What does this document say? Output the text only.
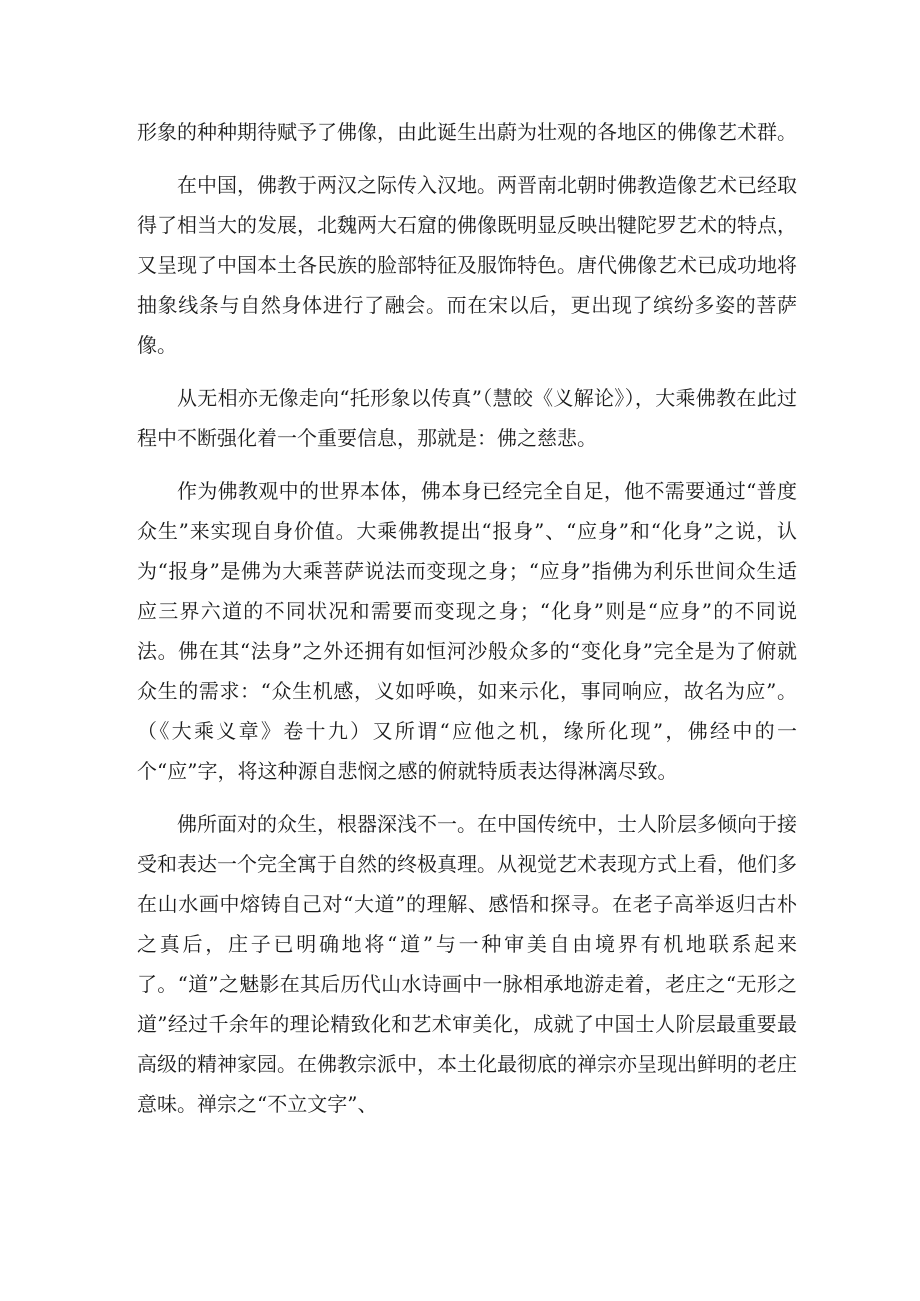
形象的种种期待赋予了佛像，由此诞生出蔚为壮观的各地区的佛像艺术群。

在中国，佛教于两汉之际传入汉地。两晋南北朝时佛教造像艺术已经取得了相当大的发展，北魏两大石窟的佛像既明显反映出犍陀罗艺术的特点，又呈现了中国本土各民族的脸部特征及服饰特色。唐代佛像艺术已成功地将抽象线条与自然身体进行了融会。而在宋以后，更出现了缤纷多姿的菩萨像。

从无相亦无像走向“托形象以传真”（慧皎《义解论》），大乘佛教在此过程中不断强化着一个重要信息，那就是：佛之慈悲。

作为佛教观中的世界本体，佛本身已经完全自足，他不需要通过“普度众生”来实现自身价值。大乘佛教提出“报身”、“应身”和“化身”之说，认为“报身”是佛为大乘菩萨说法而变现之身；“应身”指佛为利乐世间众生适应三界六道的不同状况和需要而变现之身；“化身”则是“应身”的不同说法。佛在其“法身”之外还拥有如恒河沙般众多的“变化身”完全是为了俯就众生的需求：“众生机感，义如呼唤，如来示化，事同响应，故名为应”。（《大乘义章》卷十九）又所谓“应他之机，缘所化现”，佛经中的一个“应”字，将这种源自悲悯之感的俯就特质表达得淋漓尽致。

佛所面对的众生，根器深浅不一。在中国传统中，士人阶层多倾向于接受和表达一个完全寓于自然的终极真理。从视觉艺术表现方式上看，他们多在山水画中熔铸自己对“大道”的理解、感悟和探寻。在老子高举返归古朴之真后，庄子已明确地将“道”与一种审美自由境界有机地联系起来了。“道”之魅影在其后历代山水诗画中一脉相承地游走着，老庄之“无形之道”经过千余年的理论精致化和艺术审美化，成就了中国士人阶层最重要最高级的精神家园。在佛教宗派中，本土化最彻底的禅宗亦呈现出鲜明的老庄意味。禅宗之“不立文字”、
